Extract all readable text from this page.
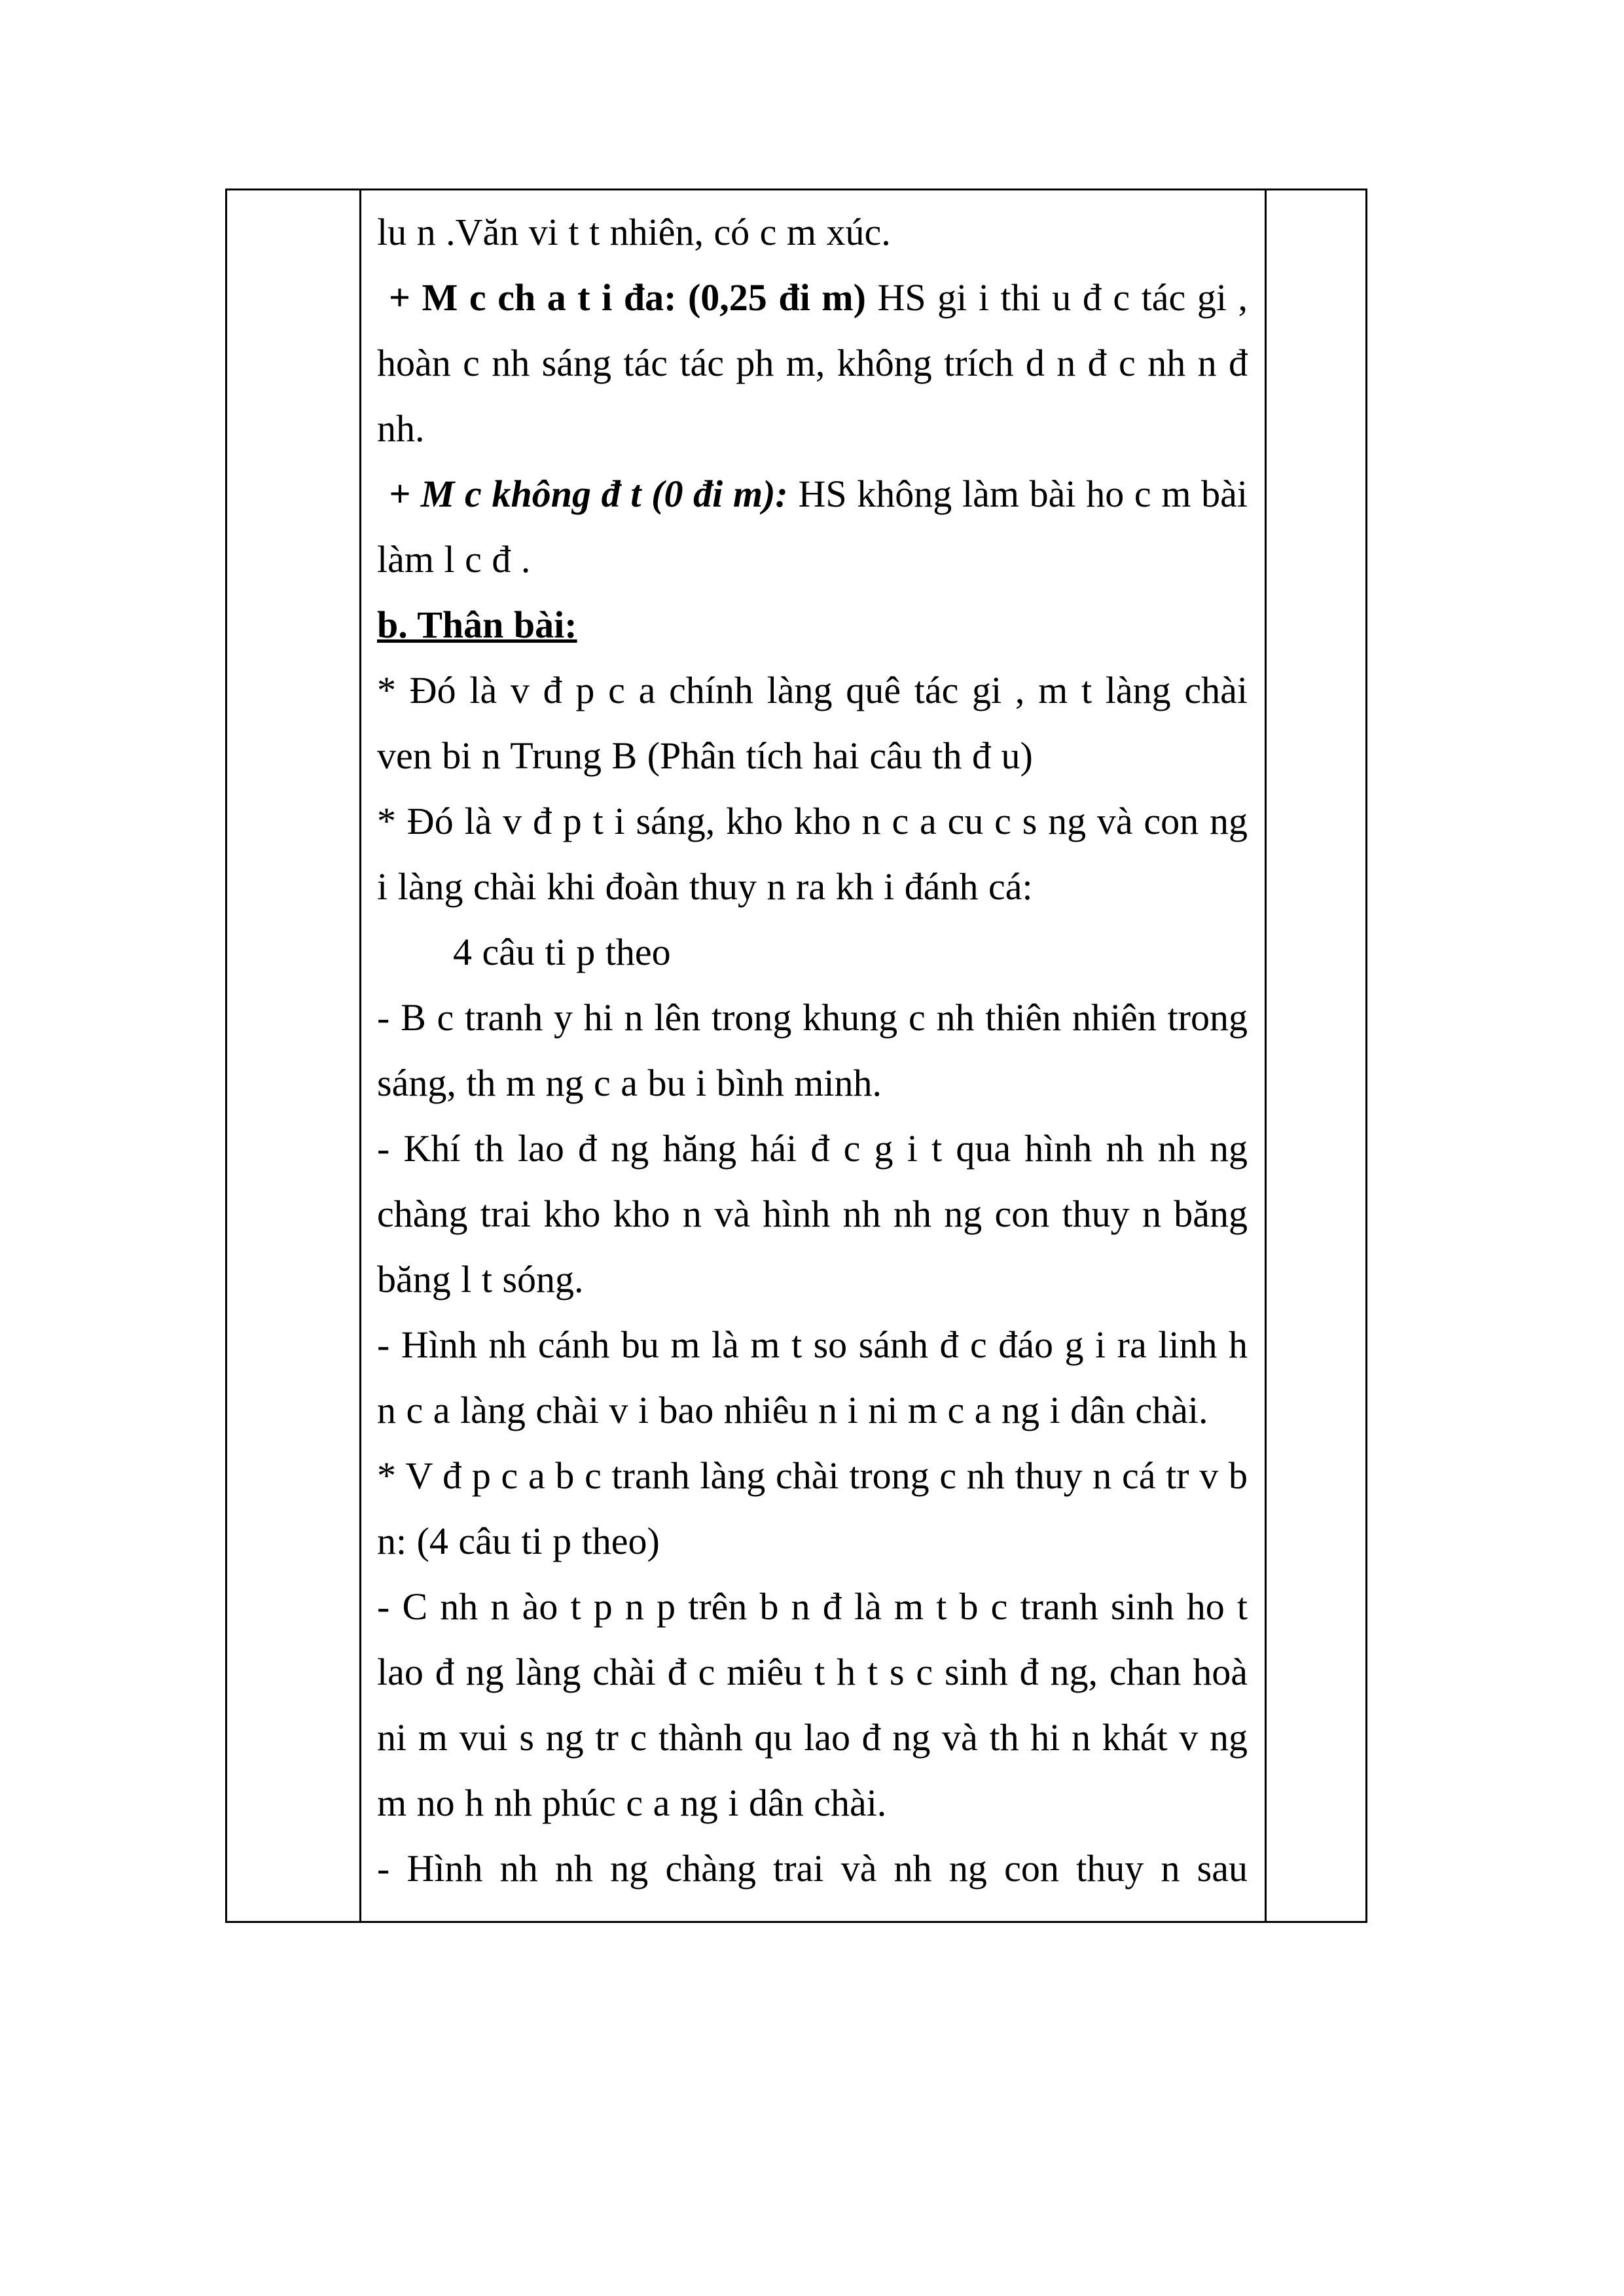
lu n .Văn vi t t nhiên, có c m xúc.

+ M c ch a t i đa: (0,25 đi m) HS gi i thi u đ c tác gi , hoàn c nh sáng tác tác ph m, không trích d n đ c nh n đ nh.

+ M c không đ t (0 đi m): HS không làm bài ho c m bài làm l c đ .

b. Thân bài:

* Đó là v đ p c a chính làng quê tác gi , m t làng chài ven bi n Trung B (Phân tích hai câu th đ u)

* Đó là v đ p t i sáng, kho kho n c a cu c s ng và con ng i làng chài khi đoàn thuy n ra kh i đánh cá:

4 câu ti p theo

- B c tranh y hi n lên trong khung c nh thiên nhiên trong sáng, th m ng c a bu i bình minh.

- Khí th lao đ ng hăng hái đ c g i t qua hình nh nh ng chàng trai kho kho n và hình nh nh ng con thuy n băng băng l t sóng.

- Hình nh cánh bu m là m t so sánh đ c đáo g i ra linh h n c a làng chài v i bao nhiêu n i ni m c a ng i dân chài.

* V đ p c a b c tranh làng chài trong c nh thuy n cá tr v b n: (4 câu ti p theo)

- C nh n ào t p n p trên b n đ là m t b c tranh sinh ho t lao đ ng làng chài đ c miêu t h t s c sinh đ ng, chan hoà ni m vui s ng tr c thành qu lao đ ng và th hi n khát v ng m no h nh phúc c a ng i dân chài.

- Hình nh nh ng chàng trai và nh ng con thuy n sau
